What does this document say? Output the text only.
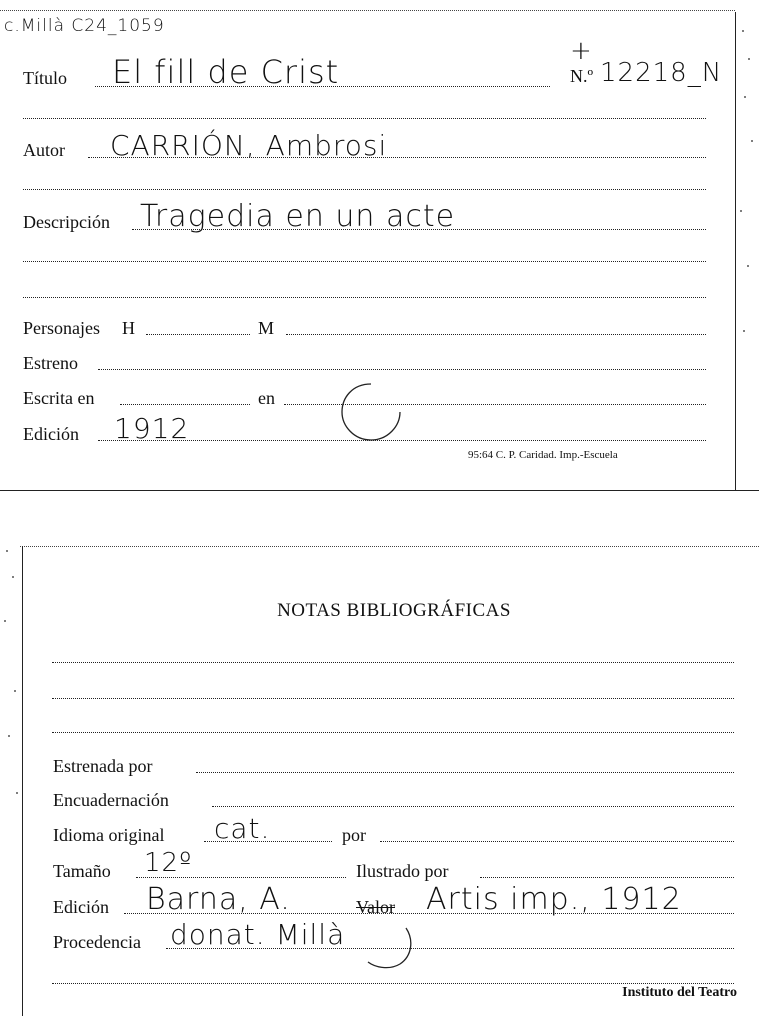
c.Millà C24_1059
Título El fill de Crist
+
N.º 12218_N
Autor CARRIÓN, Ambrosi
Descripción Tragedia en un acte
Personajes H	M
Estreno
Escrita en	en
Edición 1912
95:64 C. P. Caridad. Imp.-Escuela
NOTAS BIBLIOGRÁFICAS
Estrenada por
Encuadernación
Idioma original cat.	por
Tamaño 12º	Ilustrado por
Edición Barna, A.	Valor Artis imp., 1912
Procedencia donat. Millà
Instituto del Teatro
